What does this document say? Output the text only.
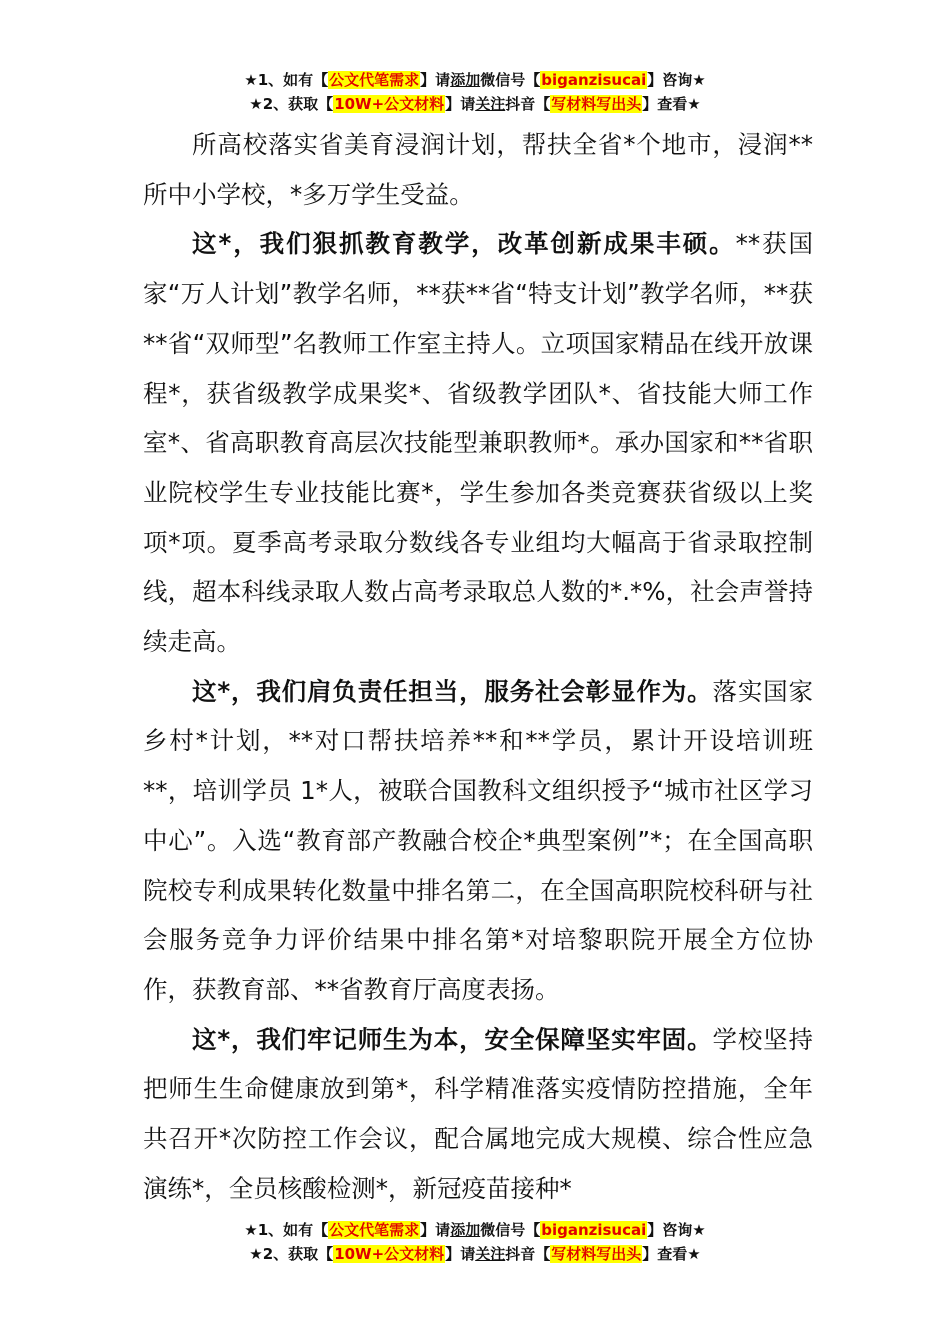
★1、如有【公文代笔需求】请添加微信号【biganzisucai】咨询★
★2、获取【10W+公文材料】请关注抖音【写材料写出头】查看★

所高校落实省美育浸润计划，帮扶全省*个地市，浸润**所中小学校，*多万学生受益。

这*，我们狠抓教育教学，改革创新成果丰硕。**获国家“万人计划”教学名师，**获**省“特支计划”教学名师，**获**省“双师型”名教师工作室主持人。立项国家精品在线开放课程*，获省级教学成果奖*、省级教学团队*、省技能大师工作室*、省高职教育高层次技能型兼职教师*。承办国家和**省职业院校学生专业技能比赛*，学生参加各类竞赛获省级以上奖项*项。夏季高考录取分数线各专业组均大幅高于省录取控制线，超本科线录取人数占高考录取总人数的*.*%，社会声誉持续走高。

这*，我们肩负责任担当，服务社会彰显作为。落实国家乡村*计划，**对口帮扶培养**和**学员，累计开设培训班**，培训学员 1*人，被联合国教科文组织授予“城市社区学习中心”。入选“教育部产教融合校企*典型案例”*；在全国高职院校专利成果转化数量中排名第二，在全国高职院校科研与社会服务竞争力评价结果中排名第*对培黎职院开展全方位协作，获教育部、**省教育厅高度表扬。

这*，我们牢记师生为本，安全保障坚实牢固。学校坚持把师生生命健康放到第*，科学精准落实疫情防控措施，全年共召开*次防控工作会议，配合属地完成大规模、综合性应急演练*，全员核酸检测*，新冠疫苗接种*

★1、如有【公文代笔需求】请添加微信号【biganzisucai】咨询★
★2、获取【10W+公文材料】请关注抖音【写材料写出头】查看★
